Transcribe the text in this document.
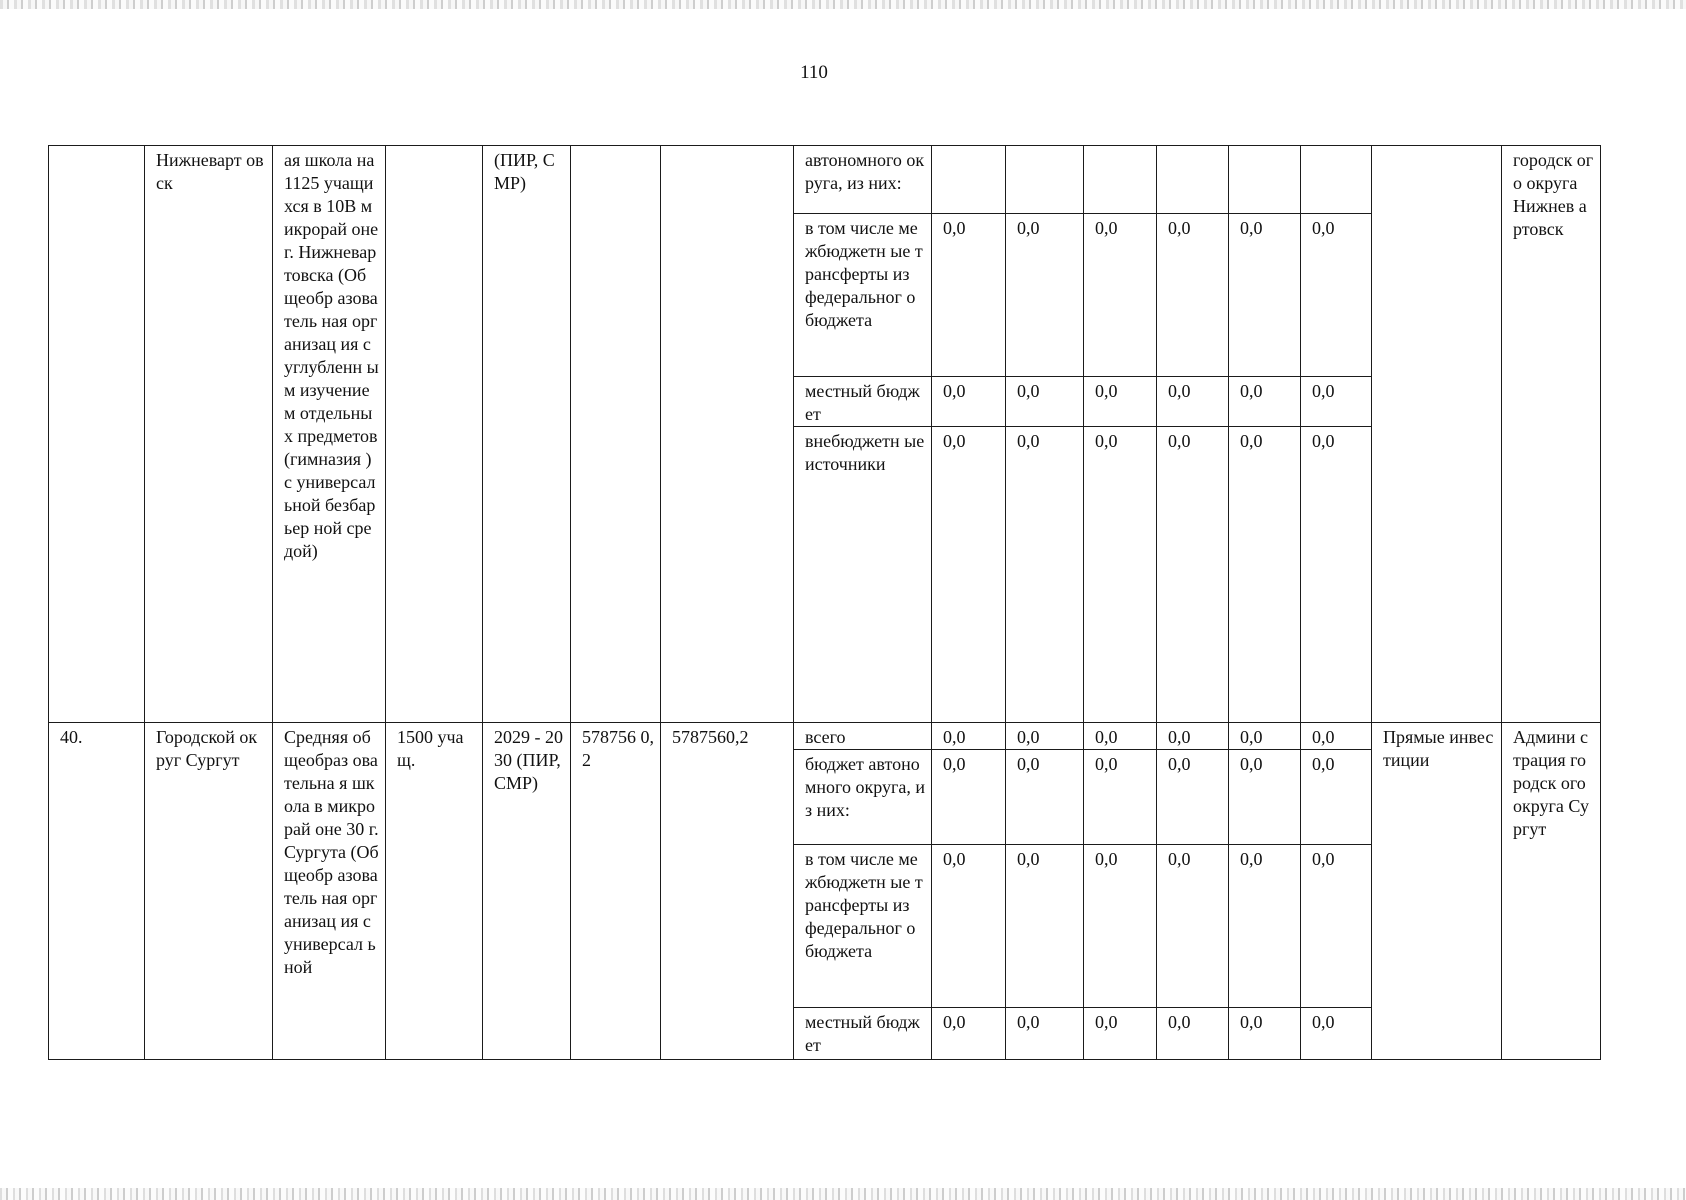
110
	Нижневарт овск	ая школа на 1125 учащихся в 10В микрорай оне г. Нижневар товска (Общеобр азователь ная организац ия с углубленн ым изучением отдельных предметов (гимназия ) с универсал ьной безбарьер ной средой)		(ПИР, СМР)			автономного округа, из них:								городск ого округа Нижнев артовск
							в том числе межбюджетн ые трансферты из федеральног о бюджета	0,0	0,0	0,0	0,0	0,0	0,0		
							местный бюджет	0,0	0,0	0,0	0,0	0,0	0,0		
							внебюджетн ые источники	0,0	0,0	0,0	0,0	0,0	0,0		
40.	Городской округ Сургут	Средняя общеобраз овательна я школа в микрорай оне 30 г. Сургута (Общеобр азователь ная организац ия с универсал ьной	1500 учащ.	2029 - 2030 (ПИР, СМР)	578756 0,2	5787560,2	всего	0,0	0,0	0,0	0,0	0,0	0,0	Прямые инвестиции	Админи страция городск ого округа Сургут
							бюджет автономного округа, из них:	0,0	0,0	0,0	0,0	0,0	0,0		
							в том числе межбюджетн ые трансферты из федеральног о бюджета	0,0	0,0	0,0	0,0	0,0	0,0		
							местный бюджет	0,0	0,0	0,0	0,0	0,0	0,0		
